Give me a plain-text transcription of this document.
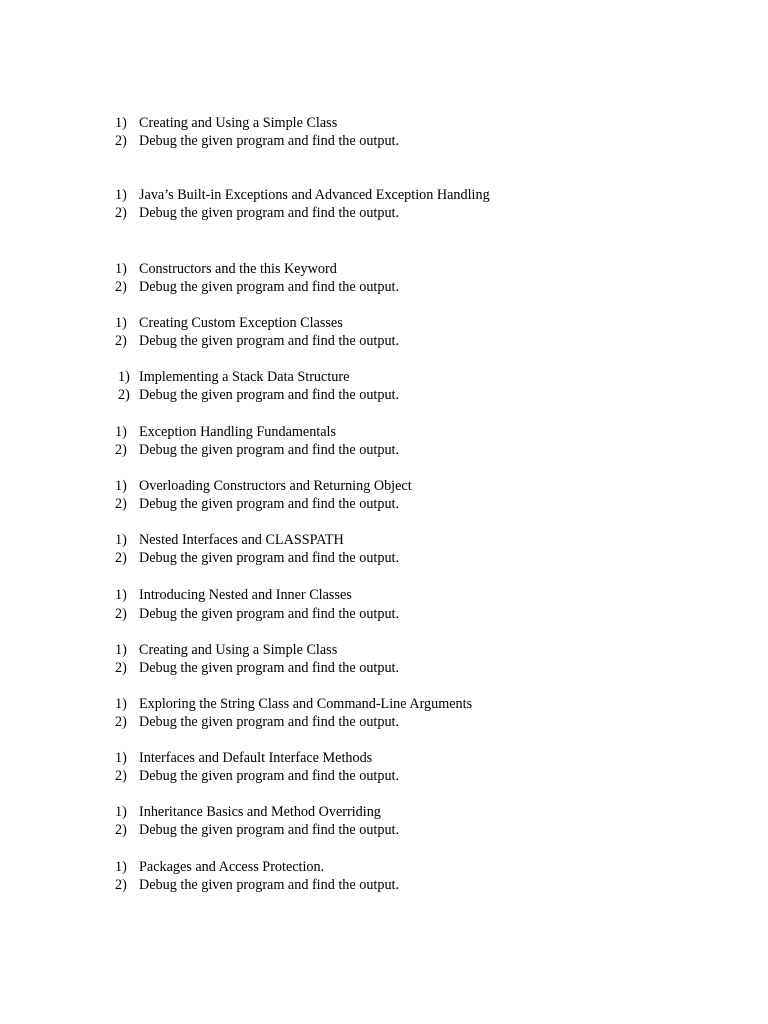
1) Creating and Using a Simple Class
2) Debug the given program and find the output.
1) Java’s Built-in Exceptions and Advanced Exception Handling
2) Debug the given program and find the output.
1) Constructors and the this Keyword
2) Debug the given program and find the output.
1) Creating Custom Exception Classes
2) Debug the given program and find the output.
1) Implementing a Stack Data Structure
2) Debug the given program and find the output.
1) Exception Handling Fundamentals
2) Debug the given program and find the output.
1) Overloading Constructors and Returning Object
2) Debug the given program and find the output.
1) Nested Interfaces and CLASSPATH
2) Debug the given program and find the output.
1) Introducing Nested and Inner Classes
2) Debug the given program and find the output.
1) Creating and Using a Simple Class
2) Debug the given program and find the output.
1) Exploring the String Class and Command-Line Arguments
2) Debug the given program and find the output.
1) Interfaces and Default Interface Methods
2) Debug the given program and find the output.
1) Inheritance Basics and Method Overriding
2) Debug the given program and find the output.
1) Packages and Access Protection.
2) Debug the given program and find the output.
